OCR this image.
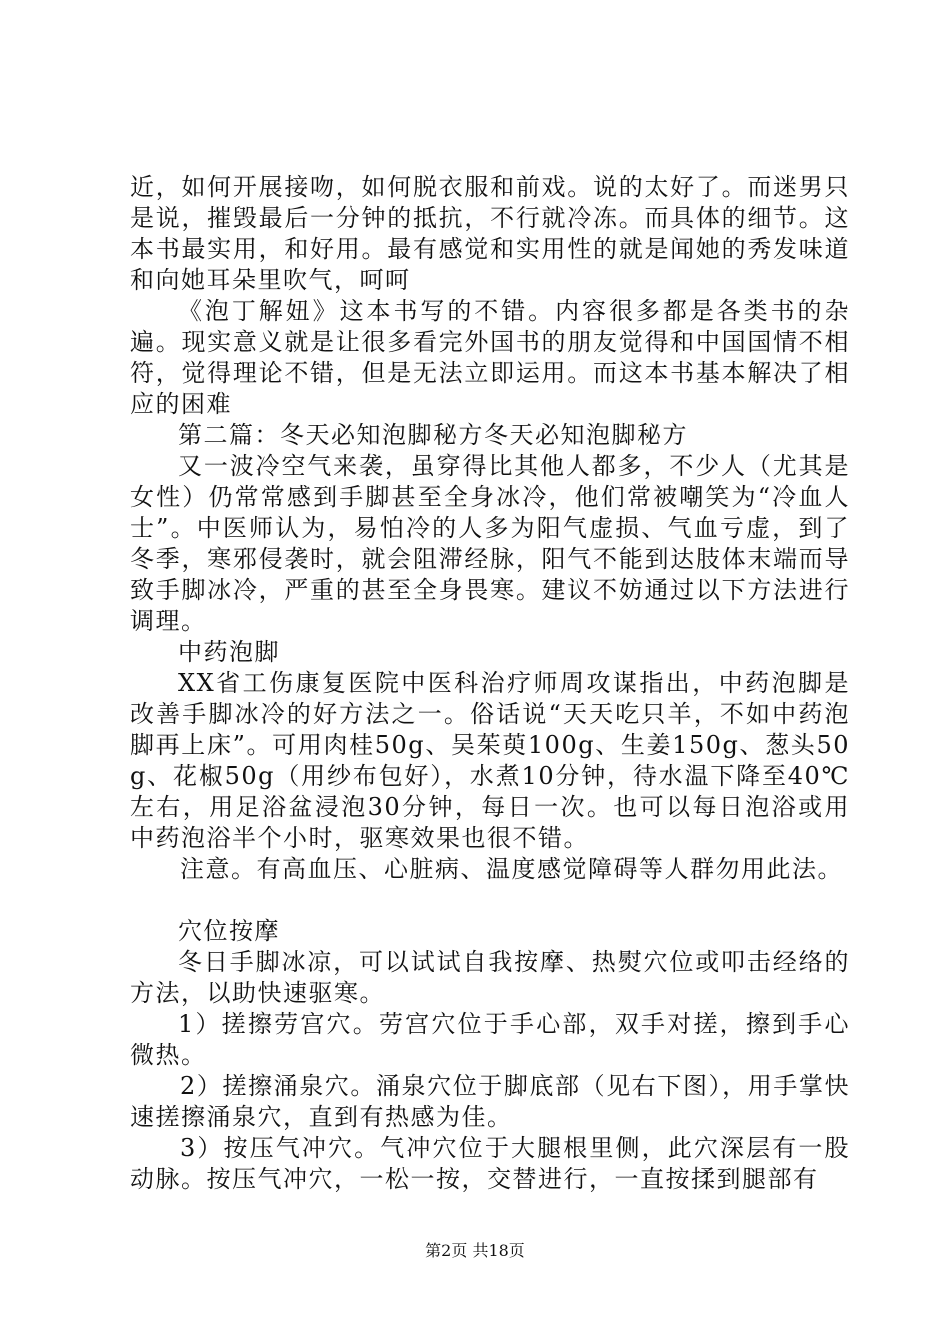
近，如何开展接吻，如何脱衣服和前戏。说的太好了。而迷男只是说，摧毁最后一分钟的抵抗，不行就冷冻。而具体的细节。这本书最实用，和好用。最有感觉和实用性的就是闻她的秀发味道和向她耳朵里吹气，呵呵

《泡丁解妞》这本书写的不错。内容很多都是各类书的杂遍。现实意义就是让很多看完外国书的朋友觉得和中国国情不相符，觉得理论不错，但是无法立即运用。而这本书基本解决了相应的困难

第二篇：冬天必知泡脚秘方冬天必知泡脚秘方

又一波冷空气来袭，虽穿得比其他人都多，不少人（尤其是女性）仍常常感到手脚甚至全身冰冷，他们常被嘲笑为“冷血人士”。中医师认为，易怕冷的人多为阳气虚损、气血亏虚，到了冬季，寒邪侵袭时，就会阻滞经脉，阳气不能到达肢体末端而导致手脚冰冷，严重的甚至全身畏寒。建议不妨通过以下方法进行调理。

中药泡脚

XX省工伤康复医院中医科治疗师周攻谋指出，中药泡脚是改善手脚冰冷的好方法之一。俗话说“天天吃只羊，不如中药泡脚再上床”。可用肉桂50g、吴茱萸100g、生姜150g、葱头50g、花椒50g（用纱布包好），水煮10分钟，待水温下降至40℃左右，用足浴盆浸泡30分钟，每日一次。也可以每日泡浴或用中药泡浴半个小时，驱寒效果也很不错。

注意。有高血压、心脏病、温度感觉障碍等人群勿用此法。

穴位按摩

冬日手脚冰凉，可以试试自我按摩、热熨穴位或叩击经络的方法，以助快速驱寒。

1）搓擦劳宫穴。劳宫穴位于手心部，双手对搓，擦到手心微热。

2）搓擦涌泉穴。涌泉穴位于脚底部（见右下图），用手掌快速搓擦涌泉穴，直到有热感为佳。

3）按压气冲穴。气冲穴位于大腿根里侧，此穴深层有一股动脉。按压气冲穴，一松一按，交替进行，一直按揉到腿部有

第2页 共18页
